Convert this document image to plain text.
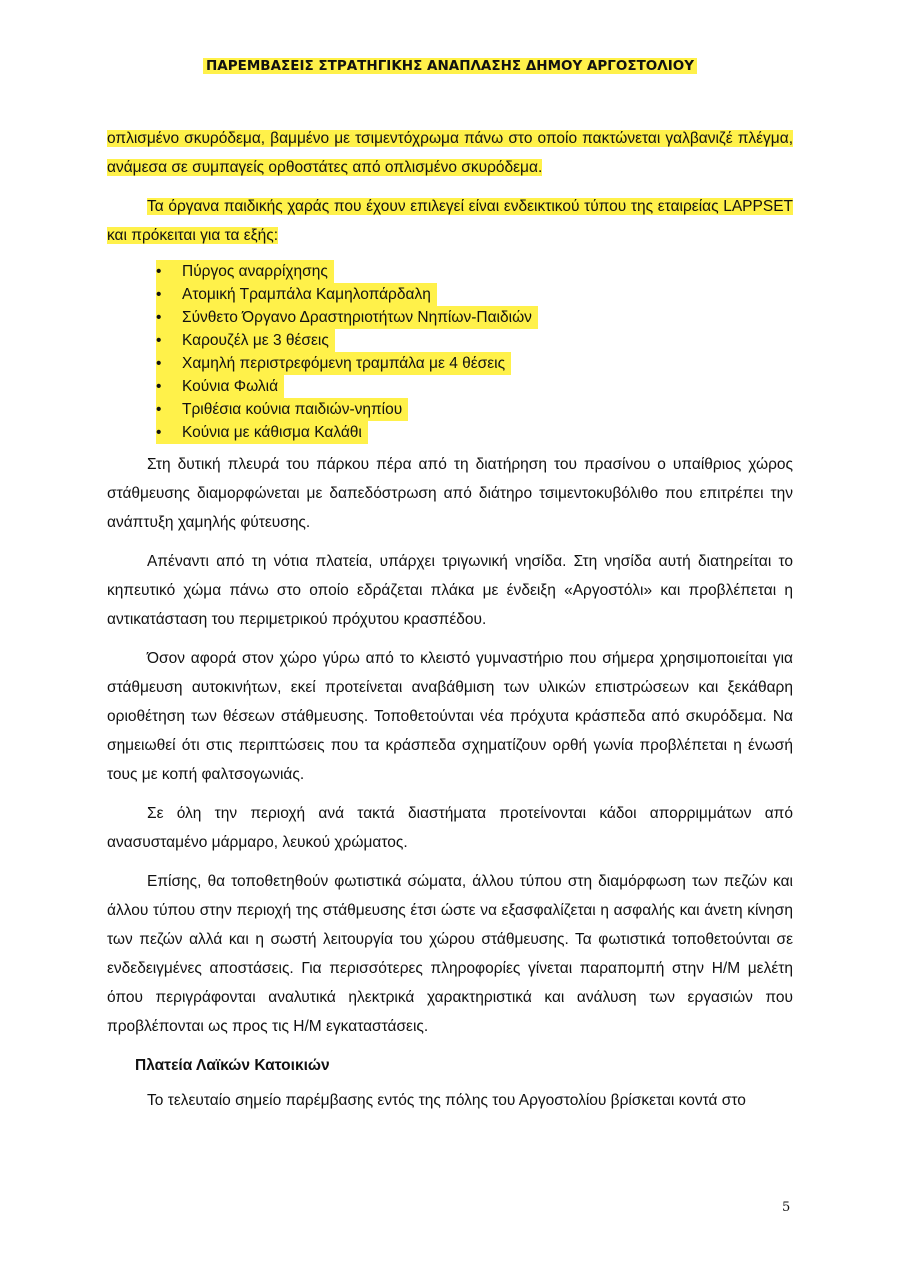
ΠΑΡΕΜΒΑΣΕΙΣ ΣΤΡΑΤΗΓΙΚΗΣ ΑΝΑΠΛΑΣΗΣ ΔΗΜΟΥ ΑΡΓΟΣΤΟΛΙΟΥ

οπλισμένο σκυρόδεμα, βαμμένο με τσιμεντόχρωμα πάνω στο οποίο πακτώνεται γαλβανιζέ πλέγμα, ανάμεσα σε συμπαγείς ορθοστάτες από οπλισμένο σκυρόδεμα.

Τα όργανα παιδικής χαράς που έχουν επιλεγεί είναι ενδεικτικού τύπου της εταιρείας LAPPSET και πρόκειται για τα εξής:

• Πύργος αναρρίχησης
• Ατομική Τραμπάλα Καμηλοπάρδαλη
• Σύνθετο Όργανο Δραστηριοτήτων Νηπίων-Παιδιών
• Καρουζέλ με 3 θέσεις
• Χαμηλή περιστρεφόμενη τραμπάλα με 4 θέσεις
• Κούνια Φωλιά
• Τριθέσια κούνια παιδιών-νηπίου
• Κούνια με κάθισμα Καλάθι

Στη δυτική πλευρά του πάρκου πέρα από τη διατήρηση του πρασίνου ο υπαίθριος χώρος στάθμευσης διαμορφώνεται με δαπεδόστρωση από διάτηρο τσιμεντοκυβόλιθο που επιτρέπει την ανάπτυξη χαμηλής φύτευσης.

Απέναντι από τη νότια πλατεία, υπάρχει τριγωνική νησίδα. Στη νησίδα αυτή διατηρείται το κηπευτικό χώμα πάνω στο οποίο εδράζεται πλάκα με ένδειξη «Αργοστόλι» και προβλέπεται η αντικατάσταση του περιμετρικού πρόχυτου κρασπέδου.

Όσον αφορά στον χώρο γύρω από το κλειστό γυμναστήριο που σήμερα χρησιμοποιείται για στάθμευση αυτοκινήτων, εκεί προτείνεται αναβάθμιση των υλικών επιστρώσεων και ξεκάθαρη οριοθέτηση των θέσεων στάθμευσης. Τοποθετούνται νέα πρόχυτα κράσπεδα από σκυρόδεμα. Να σημειωθεί ότι στις περιπτώσεις που τα κράσπεδα σχηματίζουν ορθή γωνία προβλέπεται η ένωσή τους με κοπή φαλτσογωνιάς.

Σε όλη την περιοχή ανά τακτά διαστήματα προτείνονται κάδοι απορριμμάτων από ανασυσταμένο μάρμαρο, λευκού χρώματος.

Επίσης, θα τοποθετηθούν φωτιστικά σώματα, άλλου τύπου στη διαμόρφωση των πεζών και άλλου τύπου στην περιοχή της στάθμευσης έτσι ώστε να εξασφαλίζεται η ασφαλής και άνετη κίνηση των πεζών αλλά και η σωστή λειτουργία του χώρου στάθμευσης. Τα φωτιστικά τοποθετούνται σε ενδεδειγμένες αποστάσεις. Για περισσότερες πληροφορίες γίνεται παραπομπή στην Η/Μ μελέτη όπου περιγράφονται αναλυτικά ηλεκτρικά χαρακτηριστικά και ανάλυση των εργασιών που προβλέπονται ως προς τις Η/Μ εγκαταστάσεις.

Πλατεία Λαϊκών Κατοικιών

Το τελευταίο σημείο παρέμβασης εντός της πόλης του Αργοστολίου βρίσκεται κοντά στο

5
